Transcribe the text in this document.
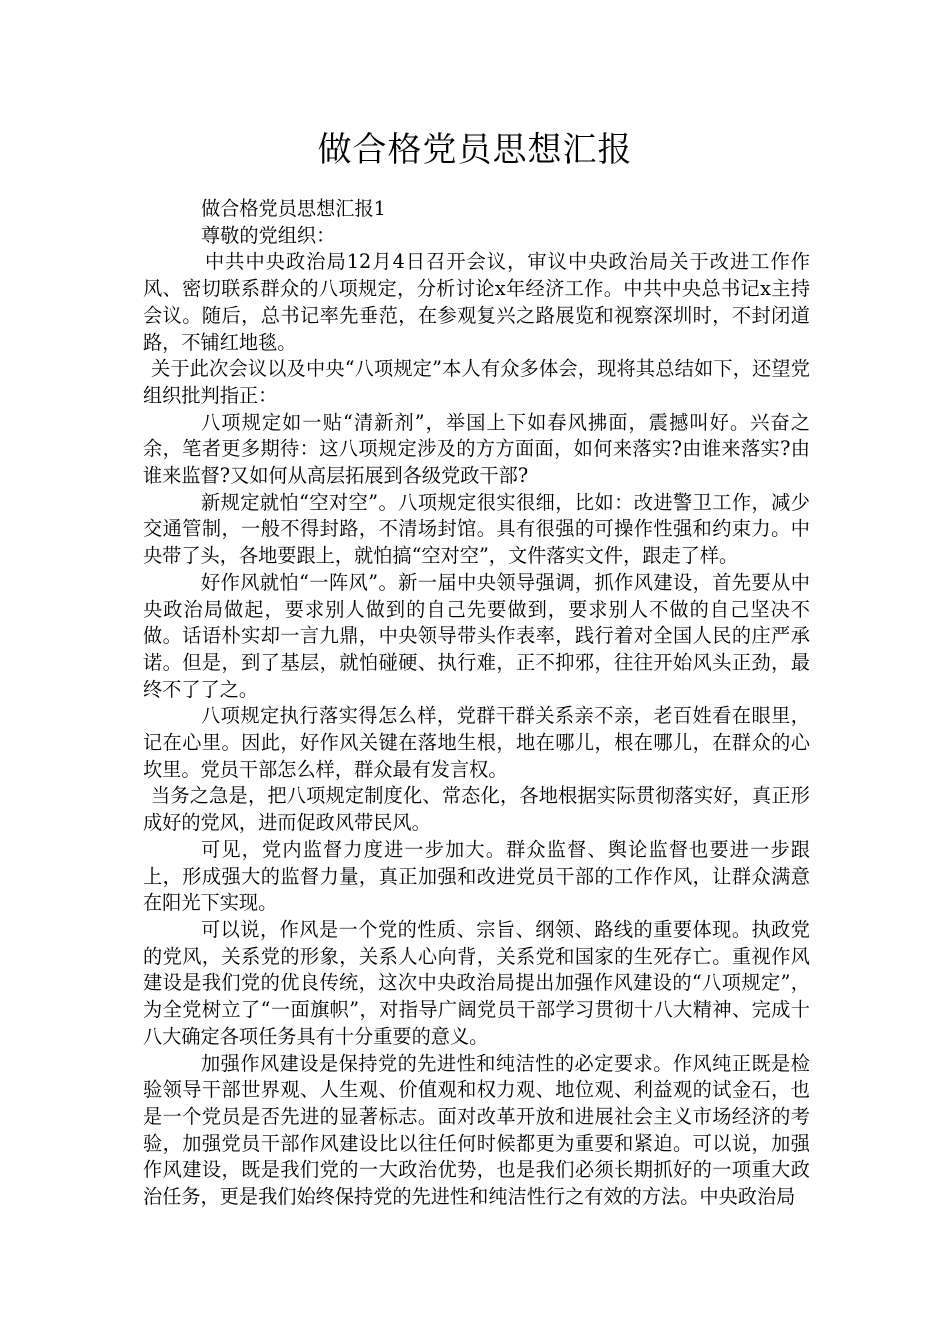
做合格党员思想汇报

做合格党员思想汇报1

尊敬的党组织：

中共中央政治局12月4日召开会议，审议中央政治局关于改进工作作风、密切联系群众的八项规定，分析讨论x年经济工作。中共中央总书记x主持会议。随后，总书记率先垂范，在参观复兴之路展览和视察深圳时，不封闭道路，不铺红地毯。

关于此次会议以及中央“八项规定”本人有众多体会，现将其总结如下，还望党组织批判指正：

八项规定如一贴“清新剂”，举国上下如春风拂面，震撼叫好。兴奋之余，笔者更多期待：这八项规定涉及的方方面面，如何来落实?由谁来落实?由谁来监督?又如何从高层拓展到各级党政干部?

新规定就怕“空对空”。八项规定很实很细，比如：改进警卫工作，减少交通管制，一般不得封路，不清场封馆。具有很强的可操作性强和约束力。中央带了头，各地要跟上，就怕搞“空对空”，文件落实文件，跟走了样。

好作风就怕“一阵风”。新一届中央领导强调，抓作风建设，首先要从中央政治局做起，要求别人做到的自己先要做到，要求别人不做的自己坚决不做。话语朴实却一言九鼎，中央领导带头作表率，践行着对全国人民的庄严承诺。但是，到了基层，就怕碰硬、执行难，正不抑邪，往往开始风头正劲，最终不了了之。

八项规定执行落实得怎么样，党群干群关系亲不亲，老百姓看在眼里，记在心里。因此，好作风关键在落地生根，地在哪儿，根在哪儿，在群众的心坎里。党员干部怎么样，群众最有发言权。

当务之急是，把八项规定制度化、常态化，各地根据实际贯彻落实好，真正形成好的党风，进而促政风带民风。

可见，党内监督力度进一步加大。群众监督、舆论监督也要进一步跟上，形成强大的监督力量，真正加强和改进党员干部的工作作风，让群众满意在阳光下实现。

可以说，作风是一个党的性质、宗旨、纲领、路线的重要体现。执政党的党风，关系党的形象，关系人心向背，关系党和国家的生死存亡。重视作风建设是我们党的优良传统，这次中央政治局提出加强作风建设的“八项规定”，为全党树立了“一面旗帜”，对指导广阔党员干部学习贯彻十八大精神、完成十八大确定各项任务具有十分重要的意义。

加强作风建设是保持党的先进性和纯洁性的必定要求。作风纯正既是检验领导干部世界观、人生观、价值观和权力观、地位观、利益观的试金石，也是一个党员是否先进的显著标志。面对改革开放和进展社会主义市场经济的考验，加强党员干部作风建设比以往任何时候都更为重要和紧迫。可以说，加强作风建设，既是我们党的一大政治优势，也是我们必须长期抓好的一项重大政治任务，更是我们始终保持党的先进性和纯洁性行之有效的方法。中央政治局
